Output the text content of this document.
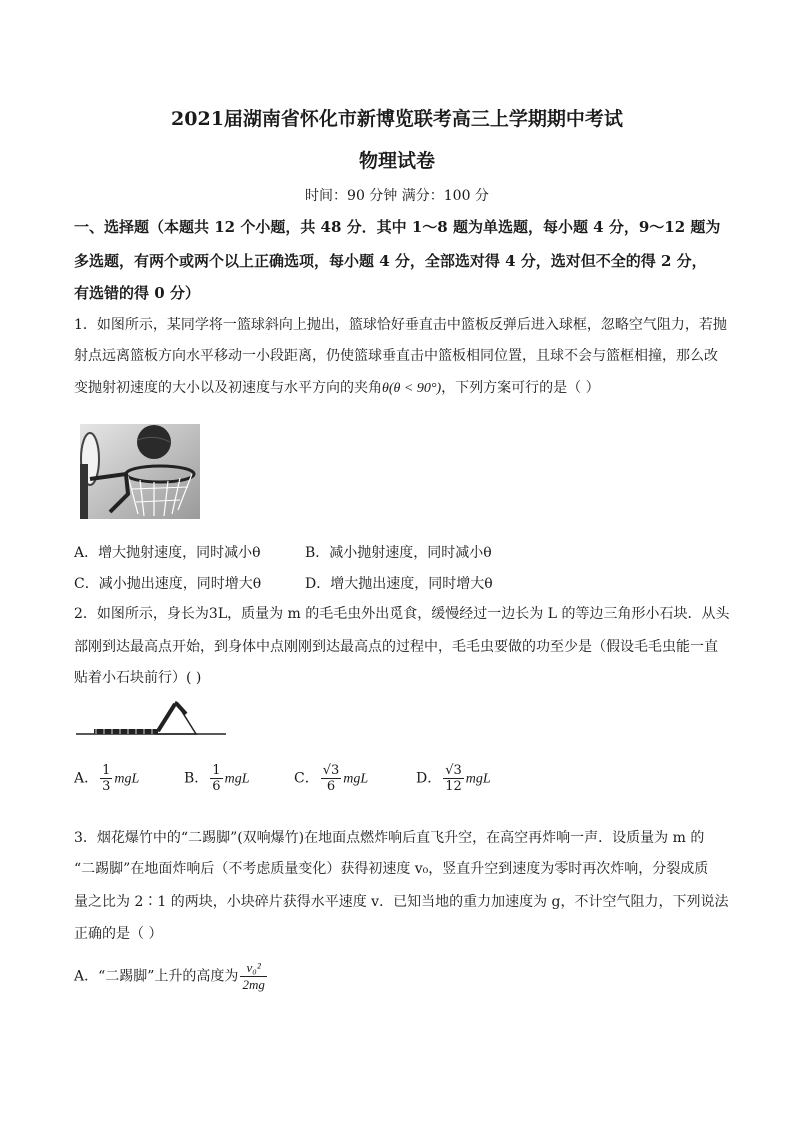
2021届湖南省怀化市新博览联考高三上学期期中考试
物理试卷
时间：90 分钟 满分：100 分
一、选择题（本题共 12 个小题，共 48 分．其中 1～8 题为单选题，每小题 4 分，9～12 题为
多选题，有两个或两个以上正确选项，每小题 4 分，全部选对得 4 分，选对但不全的得 2 分，
有选错的得 0 分）
1．如图所示，某同学将一篮球斜向上抛出，篮球恰好垂直击中篮板反弹后进入球框，忽略空气阻力，若抛
射点远离篮板方向水平移动一小段距离，仍使篮球垂直击中篮板相同位置，且球不会与篮框相撞，那么改
变抛射初速度的大小以及初速度与水平方向的夹角θ(θ < 90°)，下列方案可行的是（ ）
A．增大抛射速度，同时减小θ	B．减小抛射速度，同时减小θ
C．减小抛出速度，同时增大θ	D．增大抛出速度，同时增大θ
2．如图所示，身长为3L，质量为 m 的毛毛虫外出觅食，缓慢经过一边长为 L 的等边三角形小石块．从头
部刚到达最高点开始，到身体中点刚刚到达最高点的过程中，毛毛虫要做的功至少是（假设毛毛虫能一直
贴着小石块前行）( )
A． $\frac{1}{3}$ mgL	B． $\frac{1}{6}$ mgL	C． $\frac{√3}{6}$ mgL	D． $\frac{√3}{12}$ mgL
3．烟花爆竹中的“二踢脚”(双响爆竹)在地面点燃炸响后直飞升空，在高空再炸响一声．设质量为 m 的
“二踢脚”在地面炸响后（不考虑质量变化）获得初速度 v₀，竖直升空到速度为零时再次炸响，分裂成质
量之比为 2∶1 的两块，小块碎片获得水平速度 v．已知当地的重力加速度为 g，不计空气阻力，下列说法
正确的是（ ）
A．“二踢脚”上升的高度为 $\frac{\text{v₀²}}{2mg}$
